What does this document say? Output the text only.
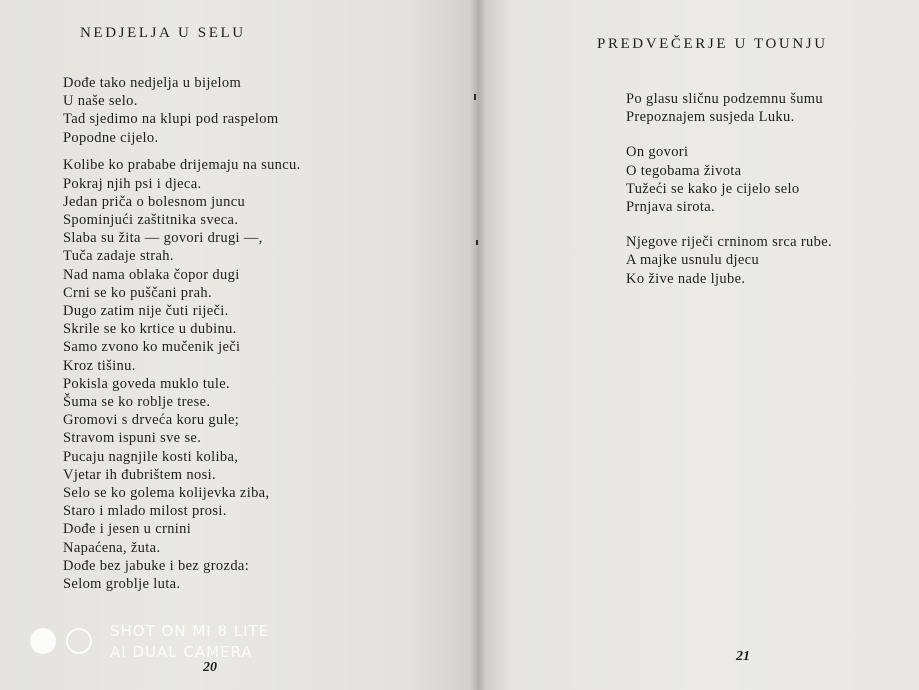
NEDJELJA U SELU

Dođe tako nedjelja u bijelom
U naše selo.
Tad sjedimo na klupi pod raspelom
Popodne cijelo.

Kolibe ko prababe drijemaju na suncu.
Pokraj njih psi i djeca.
Jedan priča o bolesnom juncu
Spominjući zaštitnika sveca.

Slaba su žita — govori drugi —,
Tuča zadaje strah.
Nad nama oblaka čopor dugi
Crni se ko puščani prah.

Dugo zatim nije čuti riječi.
Skrile se ko krtice u dubinu.
Samo zvono ko mučenik ječi
Kroz tišinu.

Pokisla goveda muklo tule.
Šuma se ko roblje trese.
Gromovi s drveća koru gule;
Stravom ispuni sve se.

Pucaju nagnjile kosti koliba,
Vjetar ih đubrištem nosi.
Selo se ko golema kolijevka ziba,
Staro i mlado milost prosi.

Dođe i jesen u crnini
Napaćena, žuta.
Dođe bez jabuke i bez grozda:
Selom groblje luta.

20
PREDVEČERJE U TOUNJU

Po glasu sličnu podzemnu šumu
Prepoznajem susjeda Luku.

On govori
O tegobama života
Tužeći se kako je cijelo selo
Prnjava sirota.

Njegove riječi crninom srca rube.
A majke usnulu djecu
Ko žive nade ljube.

21
SHOT ON MI 8 LITE
AI DUAL CAMERA
